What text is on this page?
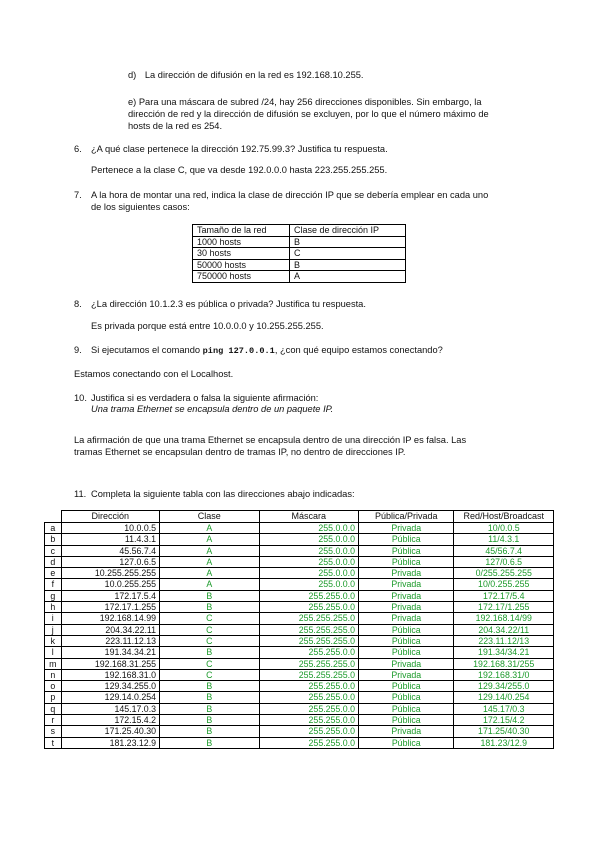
d) La dirección de difusión en la red es 192.168.10.255.
e) Para una máscara de subred /24, hay 256 direcciones disponibles. Sin embargo, la
dirección de red y la dirección de difusión se excluyen, por lo que el número máximo de
hosts de la red es 254.
6. ¿A qué clase pertenece la dirección 192.75.99.3? Justifica tu respuesta.
Pertenece a la clase C, que va desde 192.0.0.0 hasta 223.255.255.255.
7. A la hora de montar una red, indica la clase de dirección IP que se debería emplear en cada uno
de los siguientes casos:
Tamaño de la red	Clase de dirección IP
1000 hosts	B
30 hosts	C
50000 hosts	B
750000 hosts	A
8. ¿La dirección 10.1.2.3 es pública o privada? Justifica tu respuesta.
Es privada porque está entre 10.0.0.0 y 10.255.255.255.
9. Si ejecutamos el comando ping 127.0.0.1, ¿con qué equipo estamos conectando?
Estamos conectando con el Localhost.
10. Justifica si es verdadera o falsa la siguiente afirmación:
Una trama Ethernet se encapsula dentro de un paquete IP.
La afirmación de que una trama Ethernet se encapsula dentro de una dirección IP es falsa. Las
tramas Ethernet se encapsulan dentro de tramas IP, no dentro de direcciones IP.
11. Completa la siguiente tabla con las direcciones abajo indicadas:
	Dirección	Clase	Máscara	Pública/Privada	Red/Host/Broadcast
a	10.0.0.5	A	255.0.0.0	Privada	10/0.0.5
b	11.4.3.1	A	255.0.0.0	Pública	11/4.3.1
c	45.56.7.4	A	255.0.0.0	Pública	45/56.7.4
d	127.0.6.5	A	255.0.0.0	Pública	127/0.6.5
e	10.255.255.255	A	255.0.0.0	Privada	0/255.255.255
f	10.0.255.255	A	255.0.0.0	Privada	10/0.255.255
g	172.17.5.4	B	255.255.0.0	Privada	172.17/5.4
h	172.17.1.255	B	255.255.0.0	Privada	172.17/1.255
i	192.168.14.99	C	255.255.255.0	Privada	192.168.14/99
j	204.34.22.11	C	255.255.255.0	Pública	204.34.22/11
k	223.11.12.13	C	255.255.255.0	Pública	223.11.12/13
l	191.34.34.21	B	255.255.0.0	Pública	191.34/34.21
m	192.168.31.255	C	255.255.255.0	Privada	192.168.31/255
n	192.168.31.0	C	255.255.255.0	Privada	192.168.31/0
o	129.34.255.0	B	255.255.0.0	Pública	129.34/255.0
p	129.14.0.254	B	255.255.0.0	Pública	129.14/0.254
q	145.17.0.3	B	255.255.0.0	Pública	145.17/0.3
r	172.15.4.2	B	255.255.0.0	Pública	172.15/4.2
s	171.25.40.30	B	255.255.0.0	Privada	171.25/40.30
t	181.23.12.9	B	255.255.0.0	Pública	181.23/12.9
